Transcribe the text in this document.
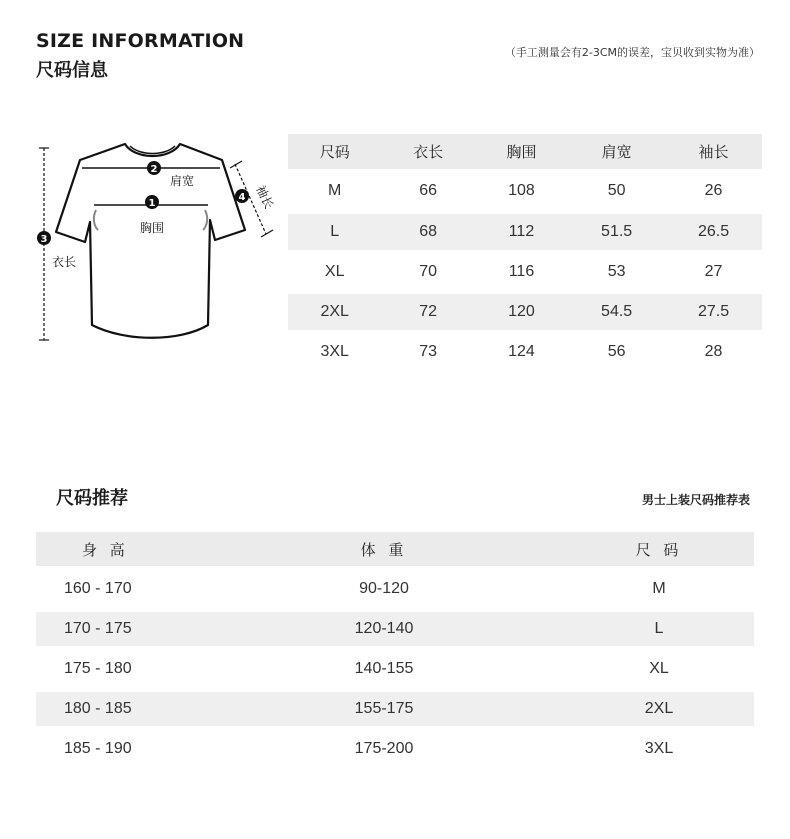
SIZE INFORMATION
尺码信息
（手工测量会有2-3CM的误差，宝贝收到实物为准）
3
衣长
2
肩宽
1
胸围
4 袖长
尺码	衣长	胸围	肩宽	袖长
M	66	108	50	26
L	68	112	51.5	26.5
XL	70	116	53	27
2XL	72	120	54.5	27.5
3XL	73	124	56	28
尺码推荐	男士上装尺码推荐表
身 高	体 重	尺 码
160 - 170	90-120	M
170 - 175	120-140	L
175 - 180	140-155	XL
180 - 185	155-175	2XL
185 - 190	175-200	3XL
